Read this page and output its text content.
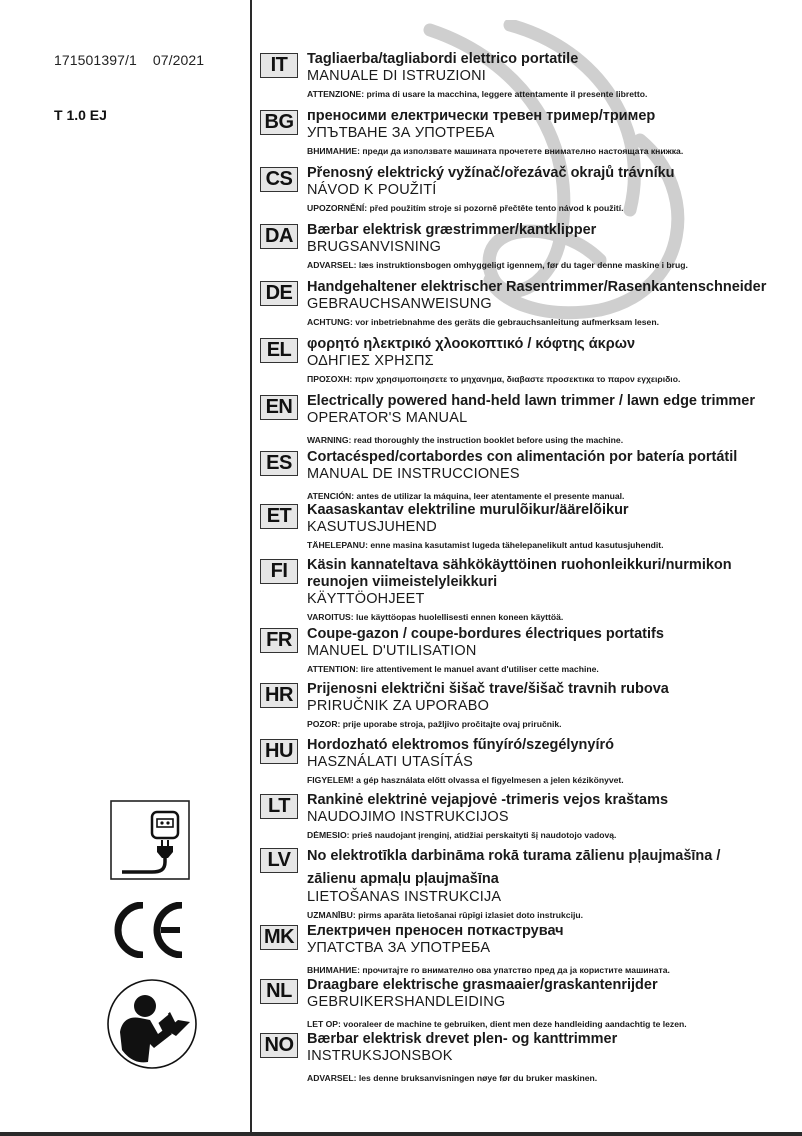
171501397/1 07/2021
T 1.0 EJ
IT	Tagliaerba/tagliabordi elettrico portatile
MANUALE DI ISTRUZIONI
ATTENZIONE: prima di usare la macchina, leggere attentamente il presente libretto.
BG преносими електрически тревен тример/тример
УПЪТВАНЕ ЗА УПОТРЕБА
ВНИМАНИЕ: преди да използвате машината прочетете внимателно настоящата книжка.
CS	Přenosný elektrický vyžínač/ořezávač okrajů trávníku
NÁVOD K POUŽITÍ
UPOZORNĚNÍ: před použitím stroje si pozorně přečtěte tento návod k použití.
DA Bærbar elektrisk græstrimmer/kantklipper
BRUGSANVISNING
ADVARSEL: læs instruktionsbogen omhyggeligt igennem, før du tager denne maskine i brug.
DE	Handgehaltener elektrischer Rasentrimmer/Rasenkantenschneider
GEBRAUCHSANWEISUNG
ACHTUNG: vor inbetriebnahme des geräts die gebrauchsanleitung aufmerksam lesen.
EL	φορητό ηλεκτρικό χλοοκοπτικό / κόφτης άκρων
ΟΔΗΓΙΕΣ ΧΡΗΣΠΣ
ΠΡΟΣΟΧΗ: πριν χρησιμοποιησετε το μηχανημα, διαβαστε προσεκτικα το παρον εγχειριδιο.
EN	Electrically powered hand-held lawn trimmer / lawn edge trimmer
OPERATOR'S MANUAL
WARNING: read thoroughly the instruction booklet before using the machine.
ES	Cortacésped/cortabordes con alimentación por batería portátil
MANUAL DE INSTRUCCIONES
ATENCIÓN: antes de utilizar la máquina, leer atentamente el presente manual.
ET	Kaasaskantav elektriline murulõikur/äärelõikur
KASUTUSJUHEND
TÄHELEPANU: enne masina kasutamist lugeda tähelepanelikult antud kasutusjuhendit.
FI	Käsin kannateltava sähkökäyttöinen ruohonleikkuri/nurmikon
reunojen viimeistelyleikkuri
KÄYTTÖOHJEET
VAROITUS: lue käyttöopas huolellisesti ennen koneen käyttöä.
FR	Coupe-gazon / coupe-bordures électriques portatifs
MANUEL D'UTILISATION
ATTENTION: lire attentivement le manuel avant d'utiliser cette machine.
HR Prijenosni električni šišač trave/šišač travnih rubova
PRIRUČNIK ZA UPORABO
POZOR: prije uporabe stroja, pažljivo pročitajte ovaj priručnik.
HU Hordozható elektromos fűnyíró/szegélynyíró
HASZNÁLATI UTASÍTÁS
FIGYELEM! a gép használata előtt olvassa el figyelmesen a jelen kézikönyvet.
LT	Rankinė elektrinė vejapjovė -trimeris vejos kraštams
NAUDOJIMO INSTRUKCIJOS
DĖMESIO: prieš naudojant įrenginį, atidžiai perskaityti šį naudotojo vadovą.
LV	No elektrotīkla darbināma rokā turama zālienu pļaujmašīna /
zālienu apmaļu pļaujmašīna
LIETOŠANAS INSTRUKCIJA
UZMANĪBU: pirms aparāta lietošanai rūpīgi izlasiet doto instrukciju.
MK Електричен преносен поткаструвач
УПАТСТВА ЗА УПОТРЕБА
ВНИМАНИЕ: прочитајте го внимателно ова упатство пред да ја користите машината.
NL	Draagbare elektrische grasmaaier/graskantenrijder
GEBRUIKERSHANDLEIDING
LET OP: vooraleer de machine te gebruiken, dient men deze handleiding aandachtig te lezen.
NO Bærbar elektrisk drevet plen- og kanttrimmer
INSTRUKSJONSBOK
ADVARSEL: les denne bruksanvisningen nøye før du bruker maskinen.
